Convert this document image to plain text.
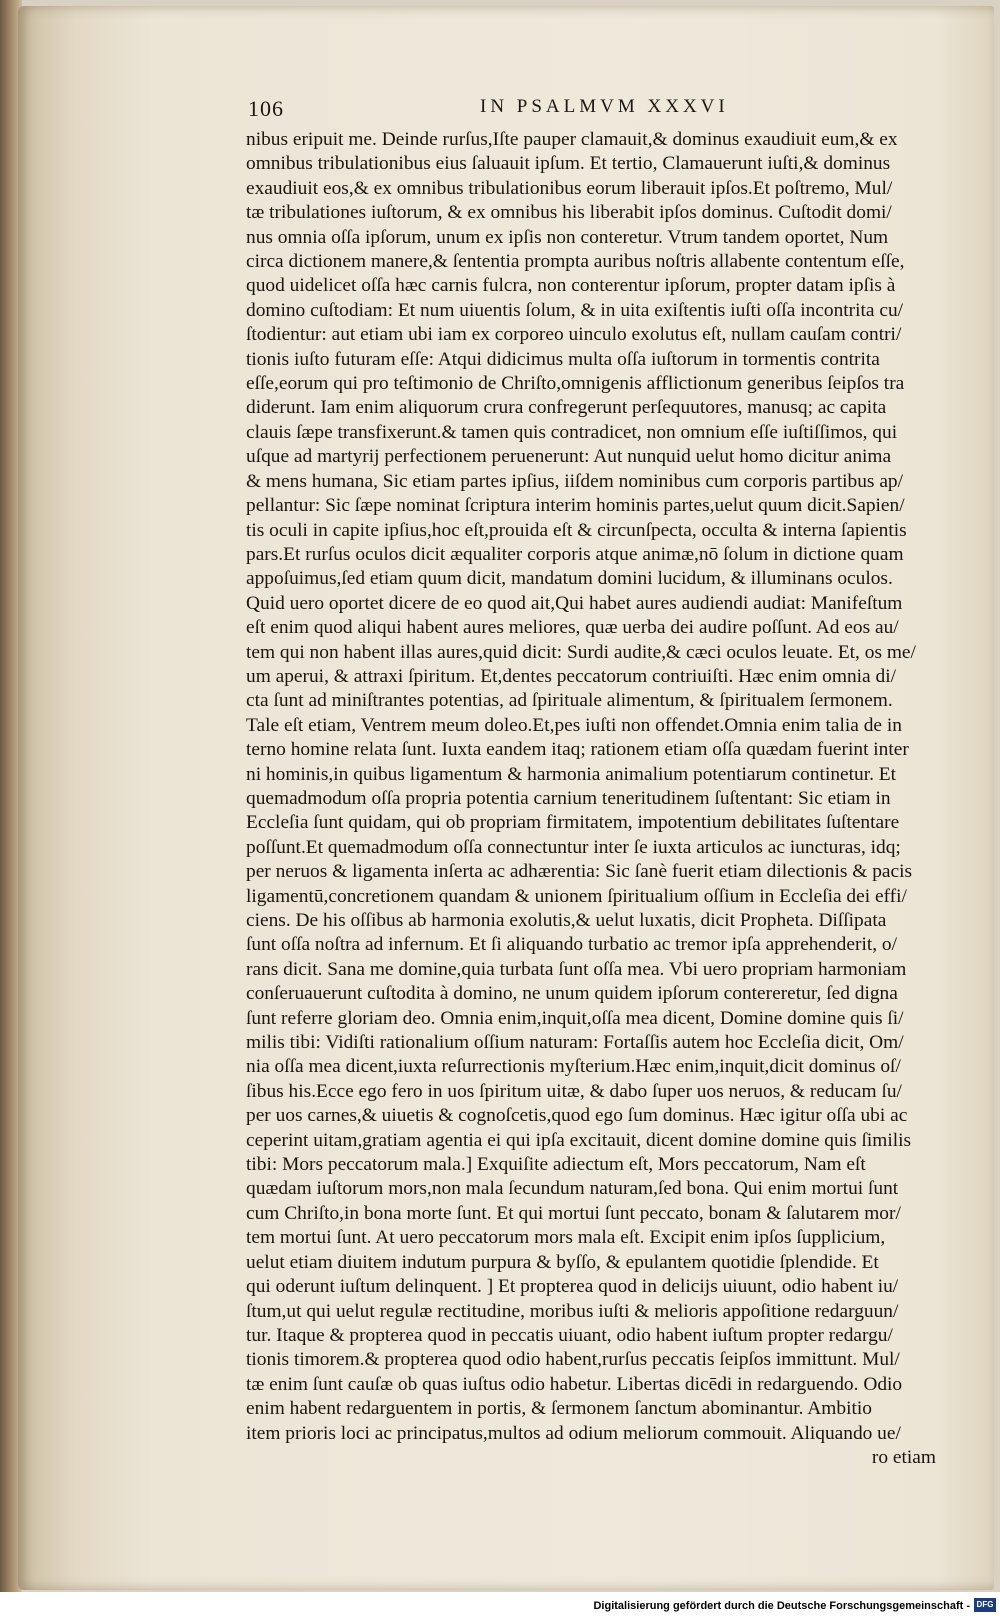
106	IN PSALMVM XXXVI
nibus eripuit me. Deinde rurſus,Iſte pauper clamauit,& dominus exaudiuit eum,& ex
omnibus tribulationibus eius ſaluauit ipſum. Et tertio, Clamauerunt iuſti,& dominus
exaudiuit eos,& ex omnibus tribulationibus eorum liberauit ipſos.Et poſtremo, Mul/
tæ tribulationes iuſtorum, & ex omnibus his liberabit ipſos dominus. Cuſtodit domi/
nus omnia oſſa ipſorum, unum ex ipſis non conteretur. Vtrum tandem oportet, Num
circa dictionem manere,& ſententia prompta auribus noſtris allabente contentum eſſe,
quod uidelicet oſſa hæc carnis fulcra, non conterentur ipſorum, propter datam ipſis à
domino cuſtodiam: Et num uiuentis ſolum, & in uita exiſtentis iuſti oſſa incontrita cu/
ſtodientur: aut etiam ubi iam ex corporeo uinculo exolutus eſt, nullam cauſam contri/
tionis iuſto futuram eſſe: Atqui didicimus multa oſſa iuſtorum in tormentis contrita
eſſe,eorum qui pro teſtimonio de Chriſto,omnigenis afflictionum generibus ſeipſos tra
diderunt. Iam enim aliquorum crura confregerunt perſequutores, manusq; ac capita
clauis ſæpe transfixerunt.& tamen quis contradicet, non omnium eſſe iuſtiſſimos, qui
uſque ad martyrij perfectionem peruenerunt: Aut nunquid uelut homo dicitur anima
& mens humana, Sic etiam partes ipſius, iiſdem nominibus cum corporis partibus ap/
pellantur: Sic ſæpe nominat ſcriptura interim hominis partes,uelut quum dicit.Sapien/
tis oculi in capite ipſius,hoc eſt,prouida eſt & circunſpecta, occulta & interna ſapientis
pars.Et rurſus oculos dicit æqualiter corporis atque animæ,nō ſolum in dictione quam
appoſuimus,ſed etiam quum dicit, mandatum domini lucidum, & illuminans oculos.
Quid uero oportet dicere de eo quod ait,Qui habet aures audiendi audiat: Manifeſtum
eſt enim quod aliqui habent aures meliores, quæ uerba dei audire poſſunt. Ad eos au/
tem qui non habent illas aures,quid dicit: Surdi audite,& cæci oculos leuate. Et, os me/
um aperui, & attraxi ſpiritum. Et,dentes peccatorum contriuiſti. Hæc enim omnia di/
cta ſunt ad miniſtrantes potentias, ad ſpirituale alimentum, & ſpiritualem ſermonem.
Tale eſt etiam, Ventrem meum doleo.Et,pes iuſti non offendet.Omnia enim talia de in
terno homine relata ſunt. Iuxta eandem itaq; rationem etiam oſſa quædam fuerint inter
ni hominis,in quibus ligamentum & harmonia animalium potentiarum continetur. Et
quemadmodum oſſa propria potentia carnium teneritudinem ſuſtentant: Sic etiam in
Eccleſia ſunt quidam, qui ob propriam firmitatem, impotentium debilitates ſuſtentare
poſſunt.Et quemadmodum oſſa connectuntur inter ſe iuxta articulos ac iuncturas, idq;
per neruos & ligamenta inſerta ac adhærentia: Sic ſanè fuerit etiam dilectionis & pacis
ligamentū,concretionem quandam & unionem ſpiritualium oſſium in Eccleſia dei effi/
ciens. De his oſſibus ab harmonia exolutis,& uelut luxatis, dicit Propheta. Diſſipata
ſunt oſſa noſtra ad infernum. Et ſi aliquando turbatio ac tremor ipſa apprehenderit, o/
rans dicit. Sana me domine,quia turbata ſunt oſſa mea. Vbi uero propriam harmoniam
conſeruauerunt cuſtodita à domino, ne unum quidem ipſorum contereretur, ſed digna
ſunt referre gloriam deo. Omnia enim,inquit,oſſa mea dicent, Domine domine quis ſi/
milis tibi: Vidiſti rationalium oſſium naturam: Fortaſſis autem hoc Eccleſia dicit, Om/
nia oſſa mea dicent,iuxta reſurrectionis myſterium.Hæc enim,inquit,dicit dominus oſ/
ſibus his.Ecce ego fero in uos ſpiritum uitæ, & dabo ſuper uos neruos, & reducam ſu/
per uos carnes,& uiuetis & cognoſcetis,quod ego ſum dominus. Hæc igitur oſſa ubi ac
ceperint uitam,gratiam agentia ei qui ipſa excitauit, dicent domine domine quis ſimilis
tibi: Mors peccatorum mala.] Exquiſite adiectum eſt, Mors peccatorum, Nam eſt
quædam iuſtorum mors,non mala ſecundum naturam,ſed bona. Qui enim mortui ſunt
cum Chriſto,in bona morte ſunt. Et qui mortui ſunt peccato, bonam & ſalutarem mor/
tem mortui ſunt. At uero peccatorum mors mala eſt. Excipit enim ipſos ſupplicium,
uelut etiam diuitem indutum purpura & byſſo, & epulantem quotidie ſplendide. Et
qui oderunt iuſtum delinquent. ] Et propterea quod in delicijs uiuunt, odio habent iu/
ſtum,ut qui uelut regulæ rectitudine, moribus iuſti & melioris appoſitione redarguun/
tur. Itaque & propterea quod in peccatis uiuant, odio habent iuſtum propter redargu/
tionis timorem.& propterea quod odio habent,rurſus peccatis ſeipſos immittunt. Mul/
tæ enim ſunt cauſæ ob quas iuſtus odio habetur. Libertas dicēdi in redarguendo. Odio
enim habent redarguentem in portis, & ſermonem ſanctum abominantur. Ambitio
item prioris loci ac principatus,multos ad odium meliorum commouit. Aliquando ue/
ro etiam
Digitalisierung gefördert durch die Deutsche Forschungsgemeinschaft - DFG
